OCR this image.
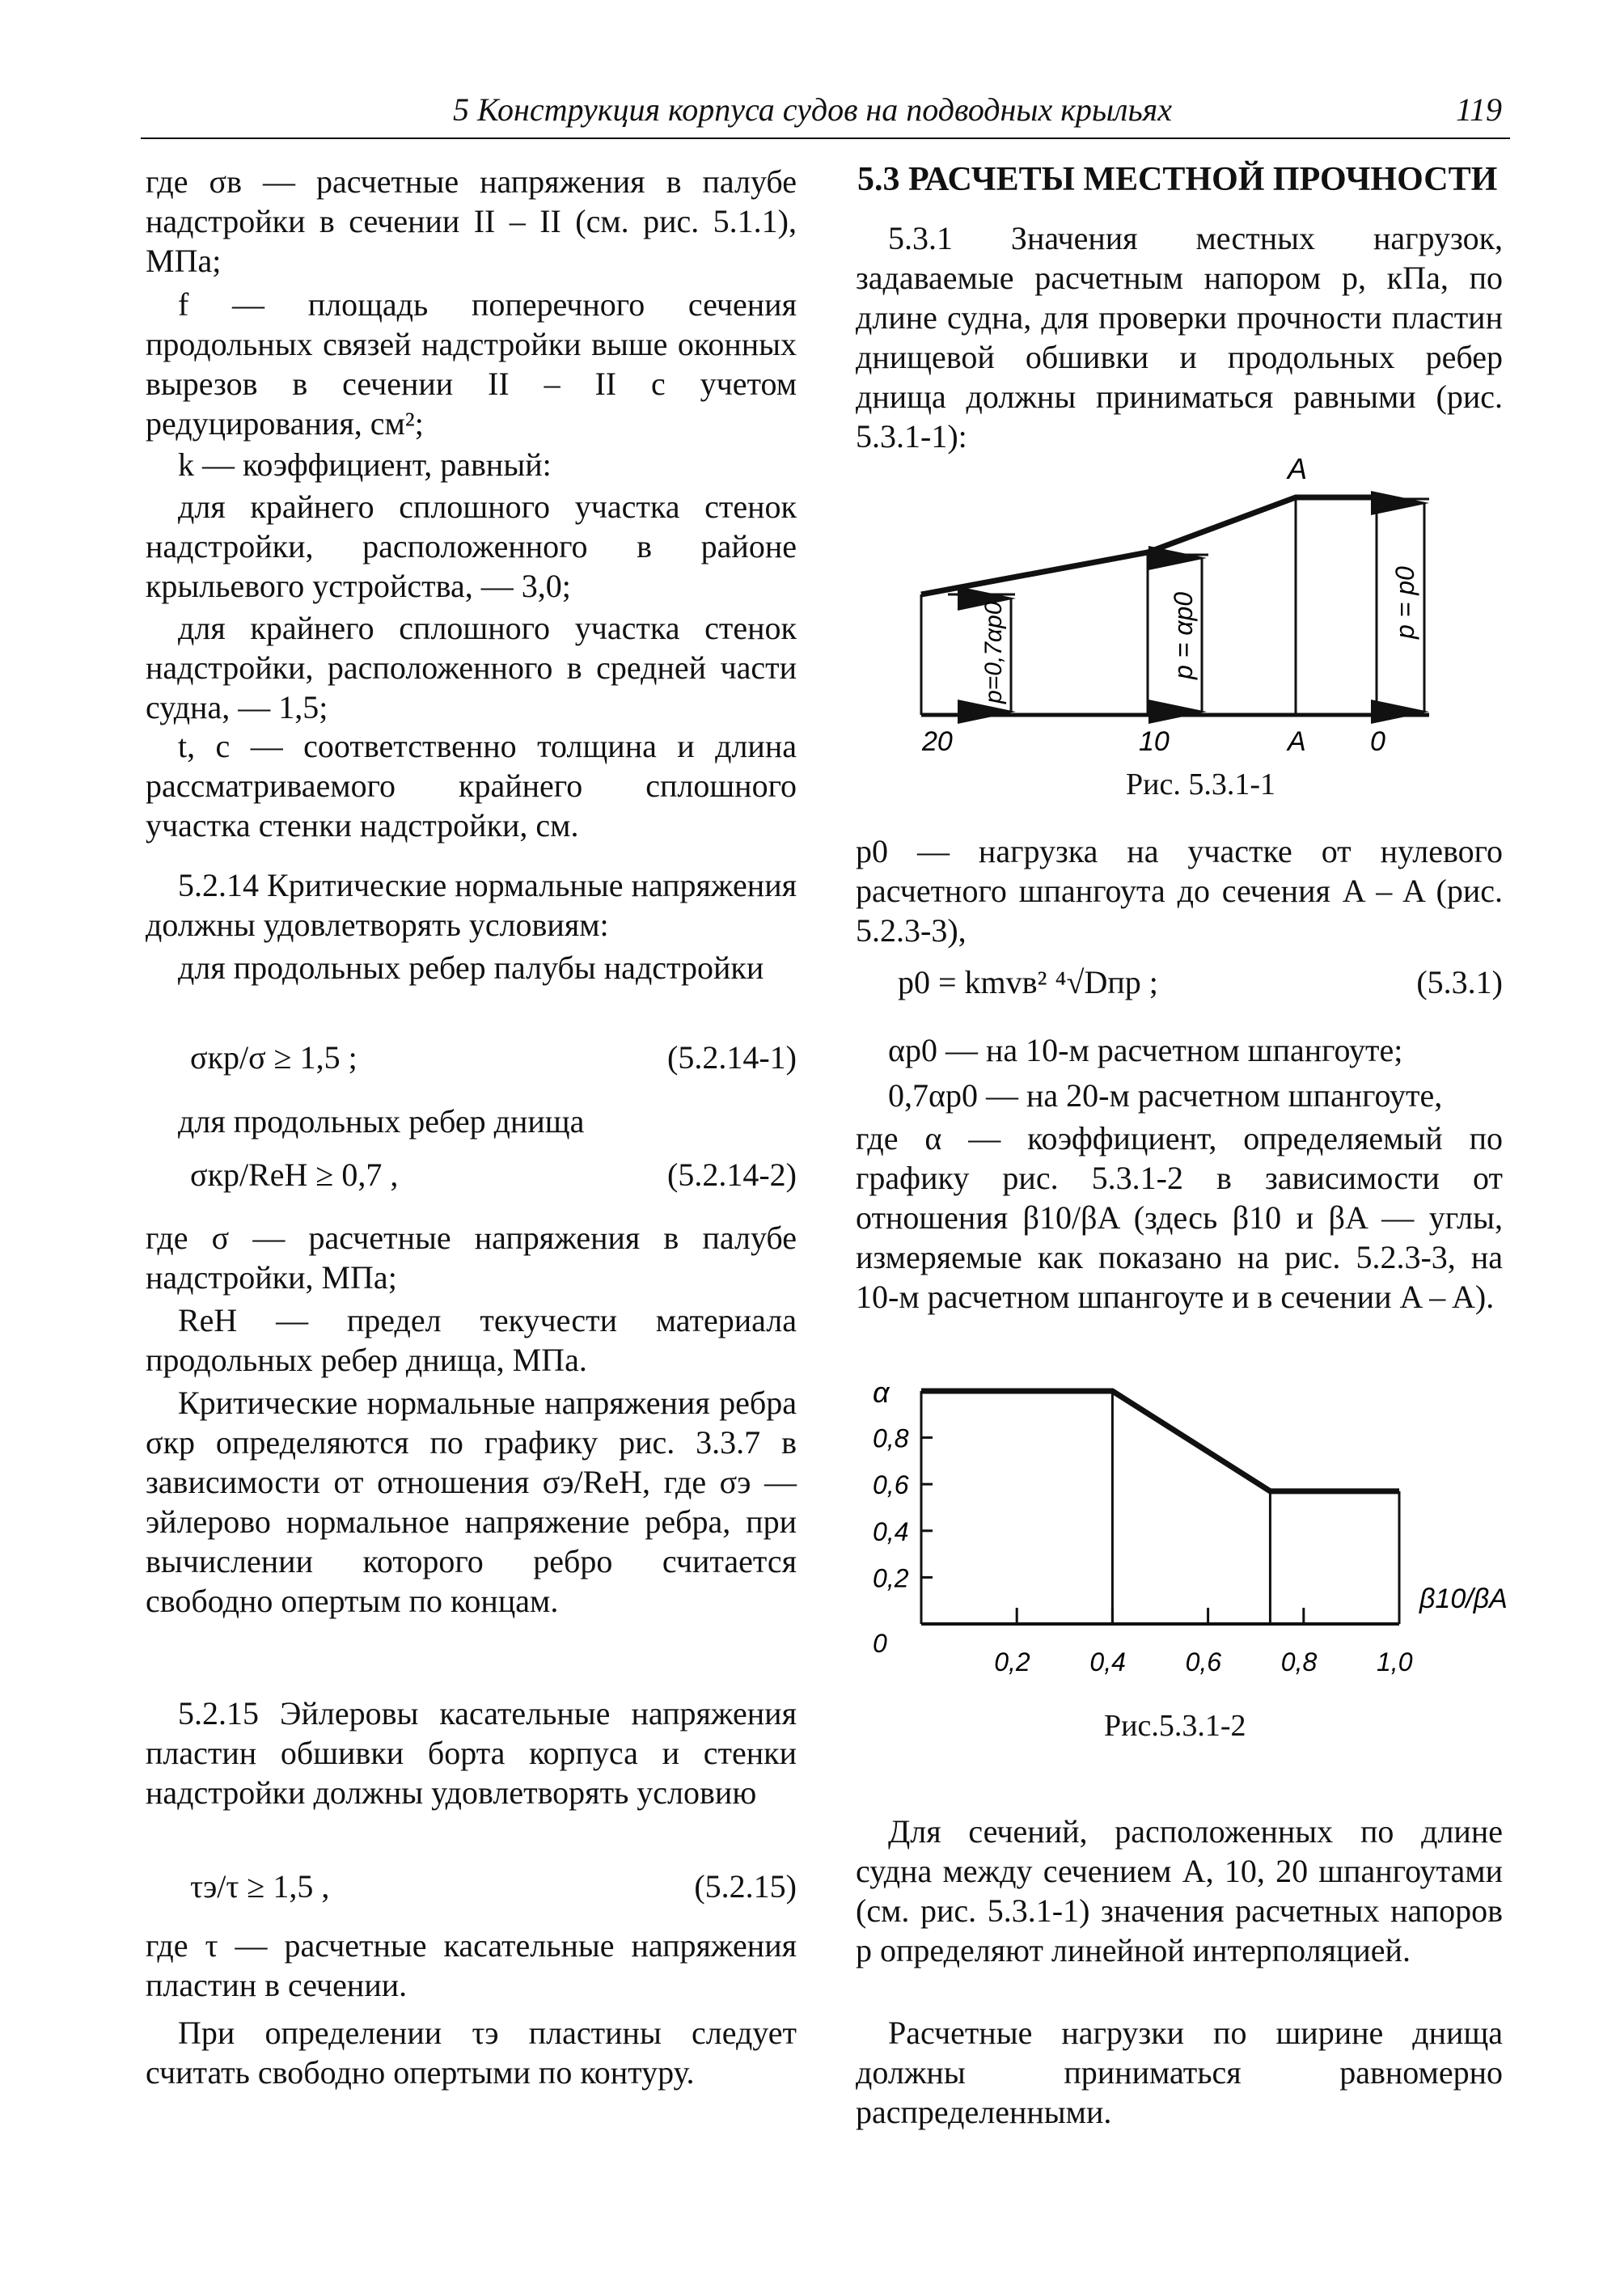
5 Конструкция корпуса судов на подводных крыльях	119
где σв — расчетные напряжения в палубе надстройки в сечении II – II (см. рис. 5.1.1), МПа;
f — площадь поперечного сечения продольных связей надстройки выше оконных вырезов в сечении II – II с учетом редуцирования, см²;
k — коэффициент, равный:
для крайнего сплошного участка стенок надстройки, расположенного в районе крыльевого устройства, — 3,0;
для крайнего сплошного участка стенок надстройки, расположенного в средней части судна, — 1,5;
t, c — соответственно толщина и длина рассматриваемого крайнего сплошного участка стенки надстройки, см.
5.2.14 Критические нормальные напряжения должны удовлетворять условиям:
для продольных ребер палубы надстройки
σкр/σ ≥ 1,5 ;	(5.2.14-1)
для продольных ребер днища
σкр/ReH ≥ 0,7 ,	(5.2.14-2)
где σ — расчетные напряжения в палубе надстройки, МПа;
ReH — предел текучести материала продольных ребер днища, МПа.
Критические нормальные напряжения ребра σкр определяются по графику рис. 3.3.7 в зависимости от отношения σэ/ReH, где σэ — эйлерово нормальное напряжение ребра, при вычислении которого ребро считается свободно опертым по концам.
5.2.15 Эйлеровы касательные напряжения пластин обшивки борта корпуса и стенки надстройки должны удовлетворять условию
τэ/τ ≥ 1,5 ,	(5.2.15)
где τ — расчетные касательные напряжения пластин в сечении.
При определении τэ пластины следует считать свободно опертыми по контуру.
5.3 РАСЧЕТЫ МЕСТНОЙ ПРОЧНОСТИ
5.3.1 Значения местных нагрузок, задаваемые расчетным напором p, кПа, по длине судна, для проверки прочности пластин днищевой обшивки и продольных ребер днища должны приниматься равными (рис. 5.3.1-1):
A
20	10	A 0
p=0,7αp0	p = αp0	p = p0
0
0,2
0,4
0,6
0,8
0,2 0,4 0,6 0,8 1,0
α
β10/βA
Рис. 5.3.1-1
p0 — нагрузка на участке от нулевого расчетного шпангоута до сечения A – A (рис. 5.2.3-3),
p0 = kmvв² ⁴√Dпр ;	(5.3.1)
αp0 — на 10-м расчетном шпангоуте;
0,7αp0 — на 20-м расчетном шпангоуте,
где α — коэффициент, определяемый по графику рис. 5.3.1-2 в зависимости от отношения β10/βA (здесь β10 и βA — углы, измеряемые как показано на рис. 5.2.3-3, на 10-м расчетном шпангоуте и в сечении A – A).
Рис.5.3.1-2
Для сечений, расположенных по длине судна между сечением A, 10, 20 шпангоутами (см. рис. 5.3.1-1) значения расчетных напоров p определяют линейной интерполяцией.
Расчетные нагрузки по ширине днища должны приниматься равномерно распределенными.
